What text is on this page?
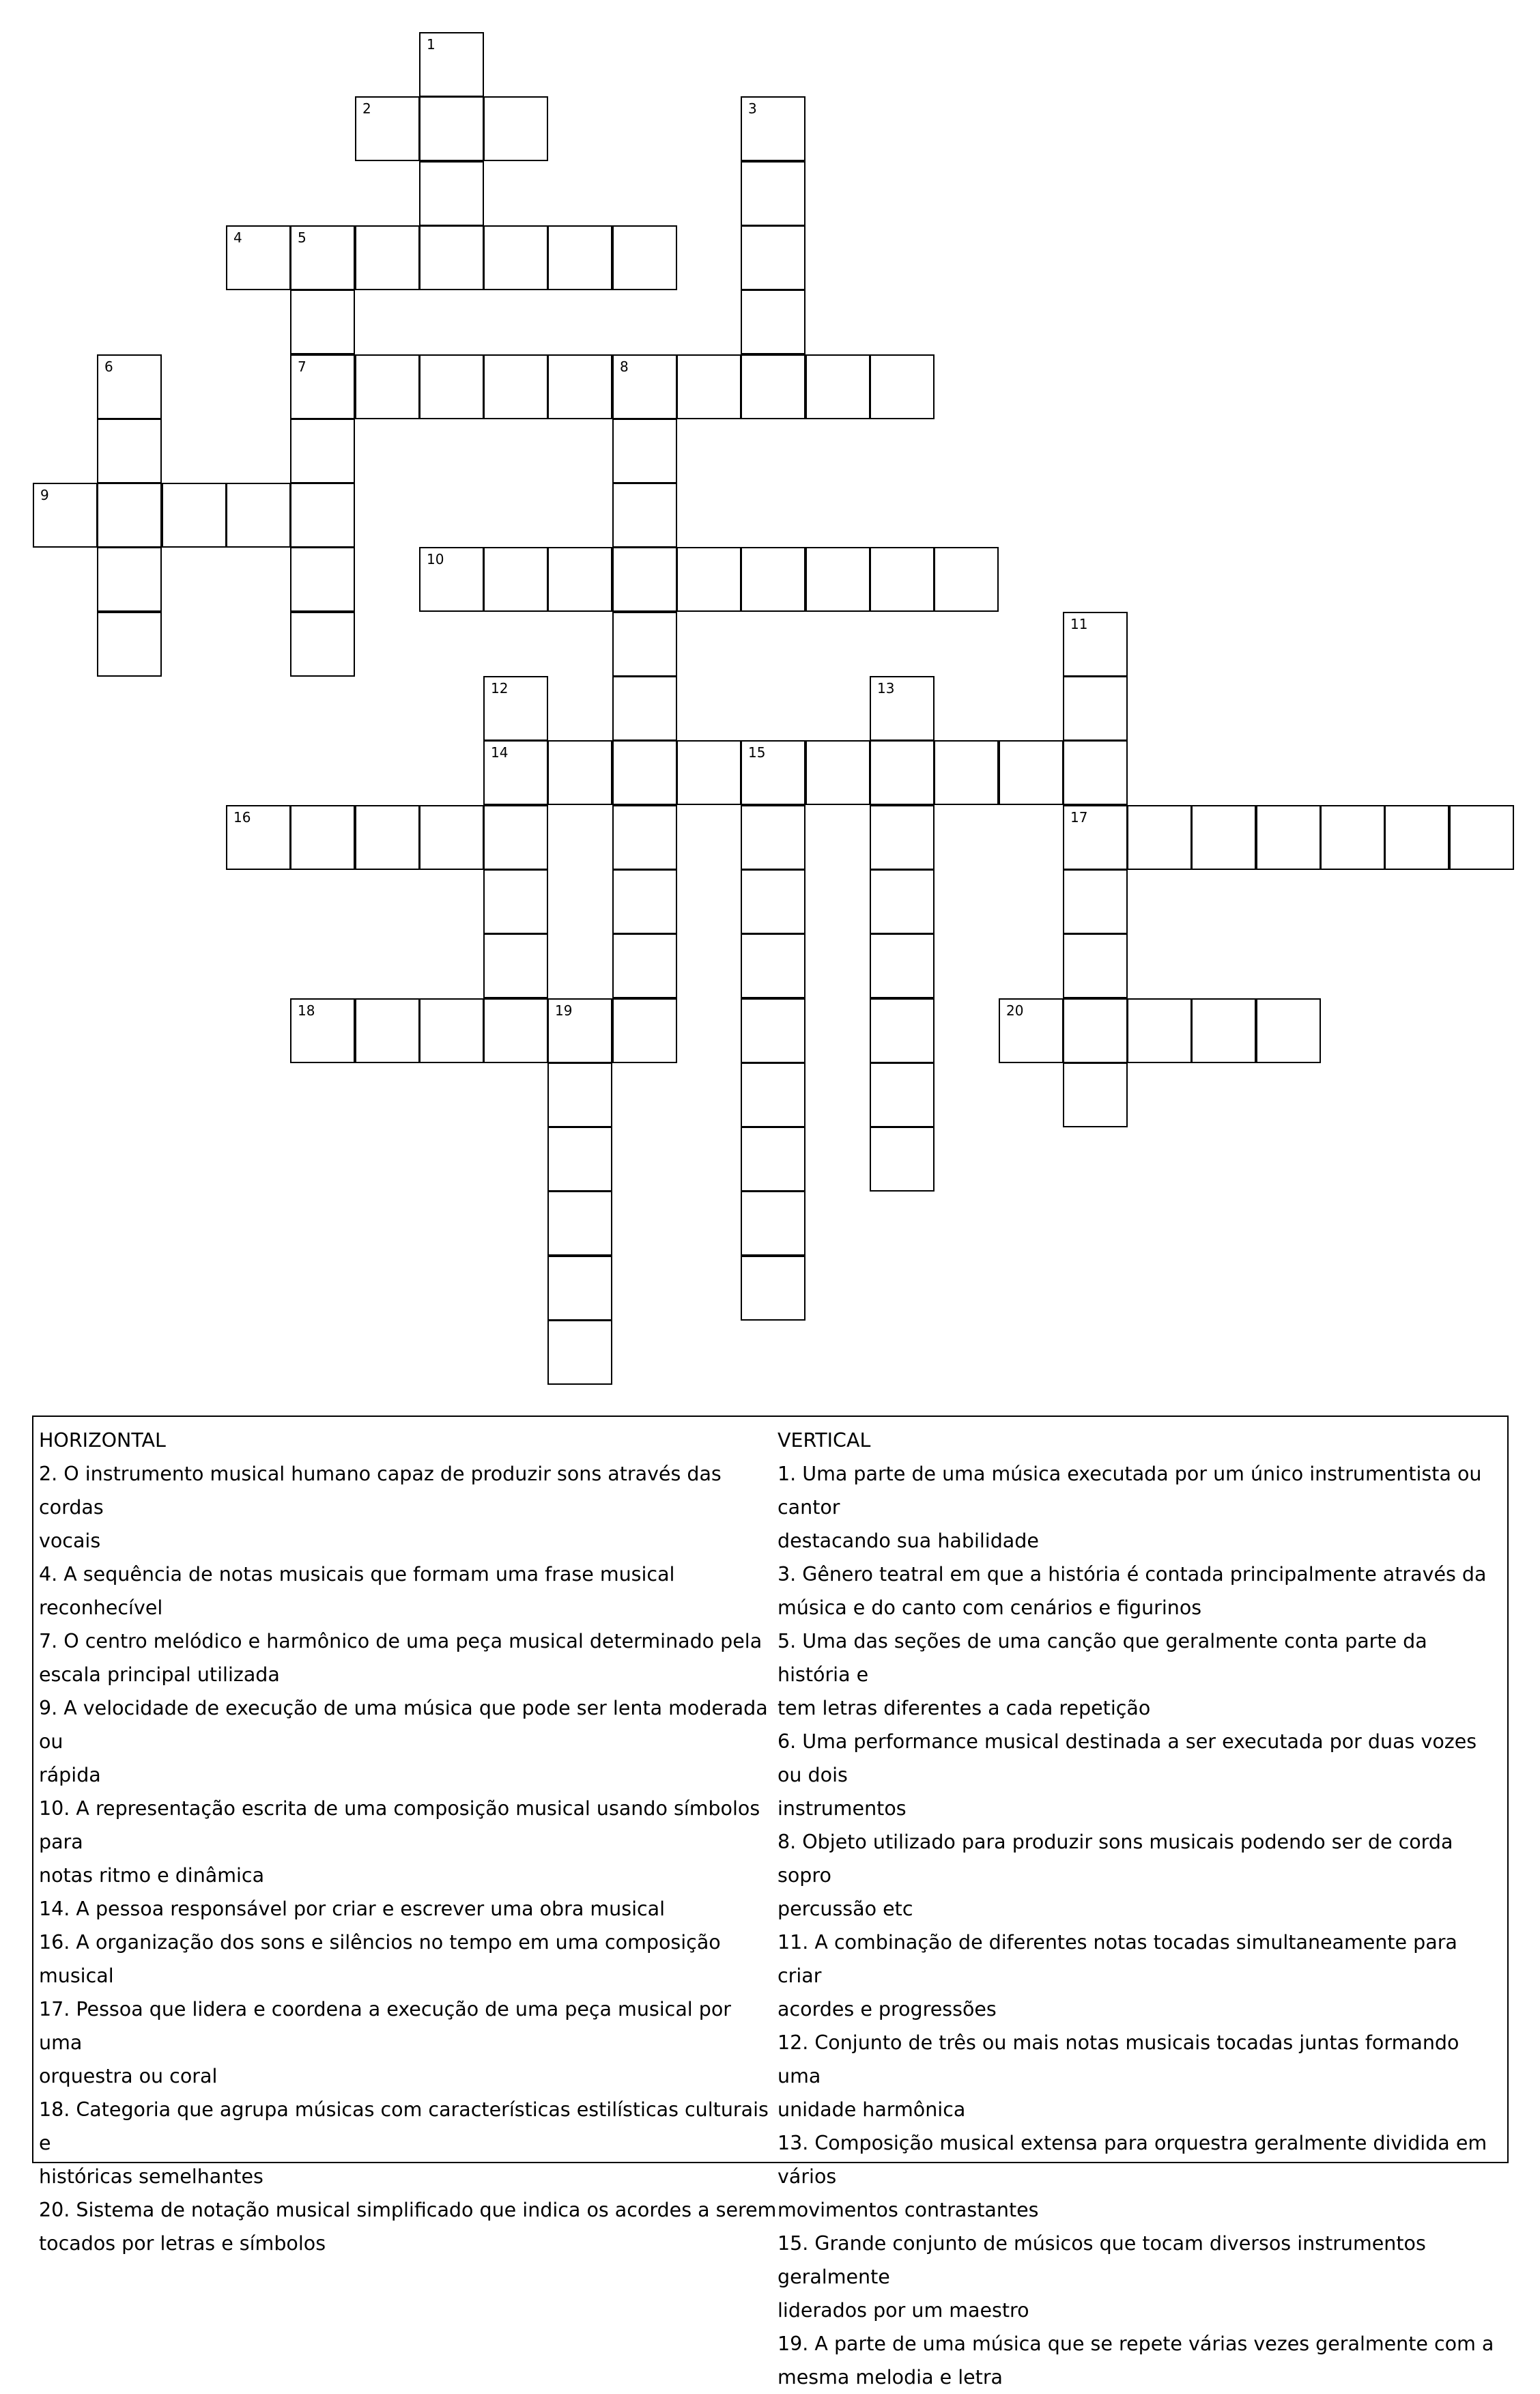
1
2	3
4	5
6	7	8
9
10
11
12	13
14	15
16	17
18	19	20
HORIZONTAL
2. O instrumento musical humano capaz de produzir sons através das cordas
vocais
4. A sequência de notas musicais que formam uma frase musical reconhecível
7. O centro melódico e harmônico de uma peça musical determinado pela
escala principal utilizada
9. A velocidade de execução de uma música que pode ser lenta moderada ou
rápida
10. A representação escrita de uma composição musical usando símbolos para
notas ritmo e dinâmica
14. A pessoa responsável por criar e escrever uma obra musical
16. A organização dos sons e silêncios no tempo em uma composição musical
17. Pessoa que lidera e coordena a execução de uma peça musical por uma
orquestra ou coral
18. Categoria que agrupa músicas com características estilísticas culturais e
históricas semelhantes
20. Sistema de notação musical simplificado que indica os acordes a serem
tocados por letras e símbolos
VERTICAL
1. Uma parte de uma música executada por um único instrumentista ou cantor
destacando sua habilidade
3. Gênero teatral em que a história é contada principalmente através da
música e do canto com cenários e figurinos
5. Uma das seções de uma canção que geralmente conta parte da história e
tem letras diferentes a cada repetição
6. Uma performance musical destinada a ser executada por duas vozes ou dois
instrumentos
8. Objeto utilizado para produzir sons musicais podendo ser de corda sopro
percussão etc
11. A combinação de diferentes notas tocadas simultaneamente para criar
acordes e progressões
12. Conjunto de três ou mais notas musicais tocadas juntas formando uma
unidade harmônica
13. Composição musical extensa para orquestra geralmente dividida em vários
movimentos contrastantes
15. Grande conjunto de músicos que tocam diversos instrumentos geralmente
liderados por um maestro
19. A parte de uma música que se repete várias vezes geralmente com a
mesma melodia e letra
